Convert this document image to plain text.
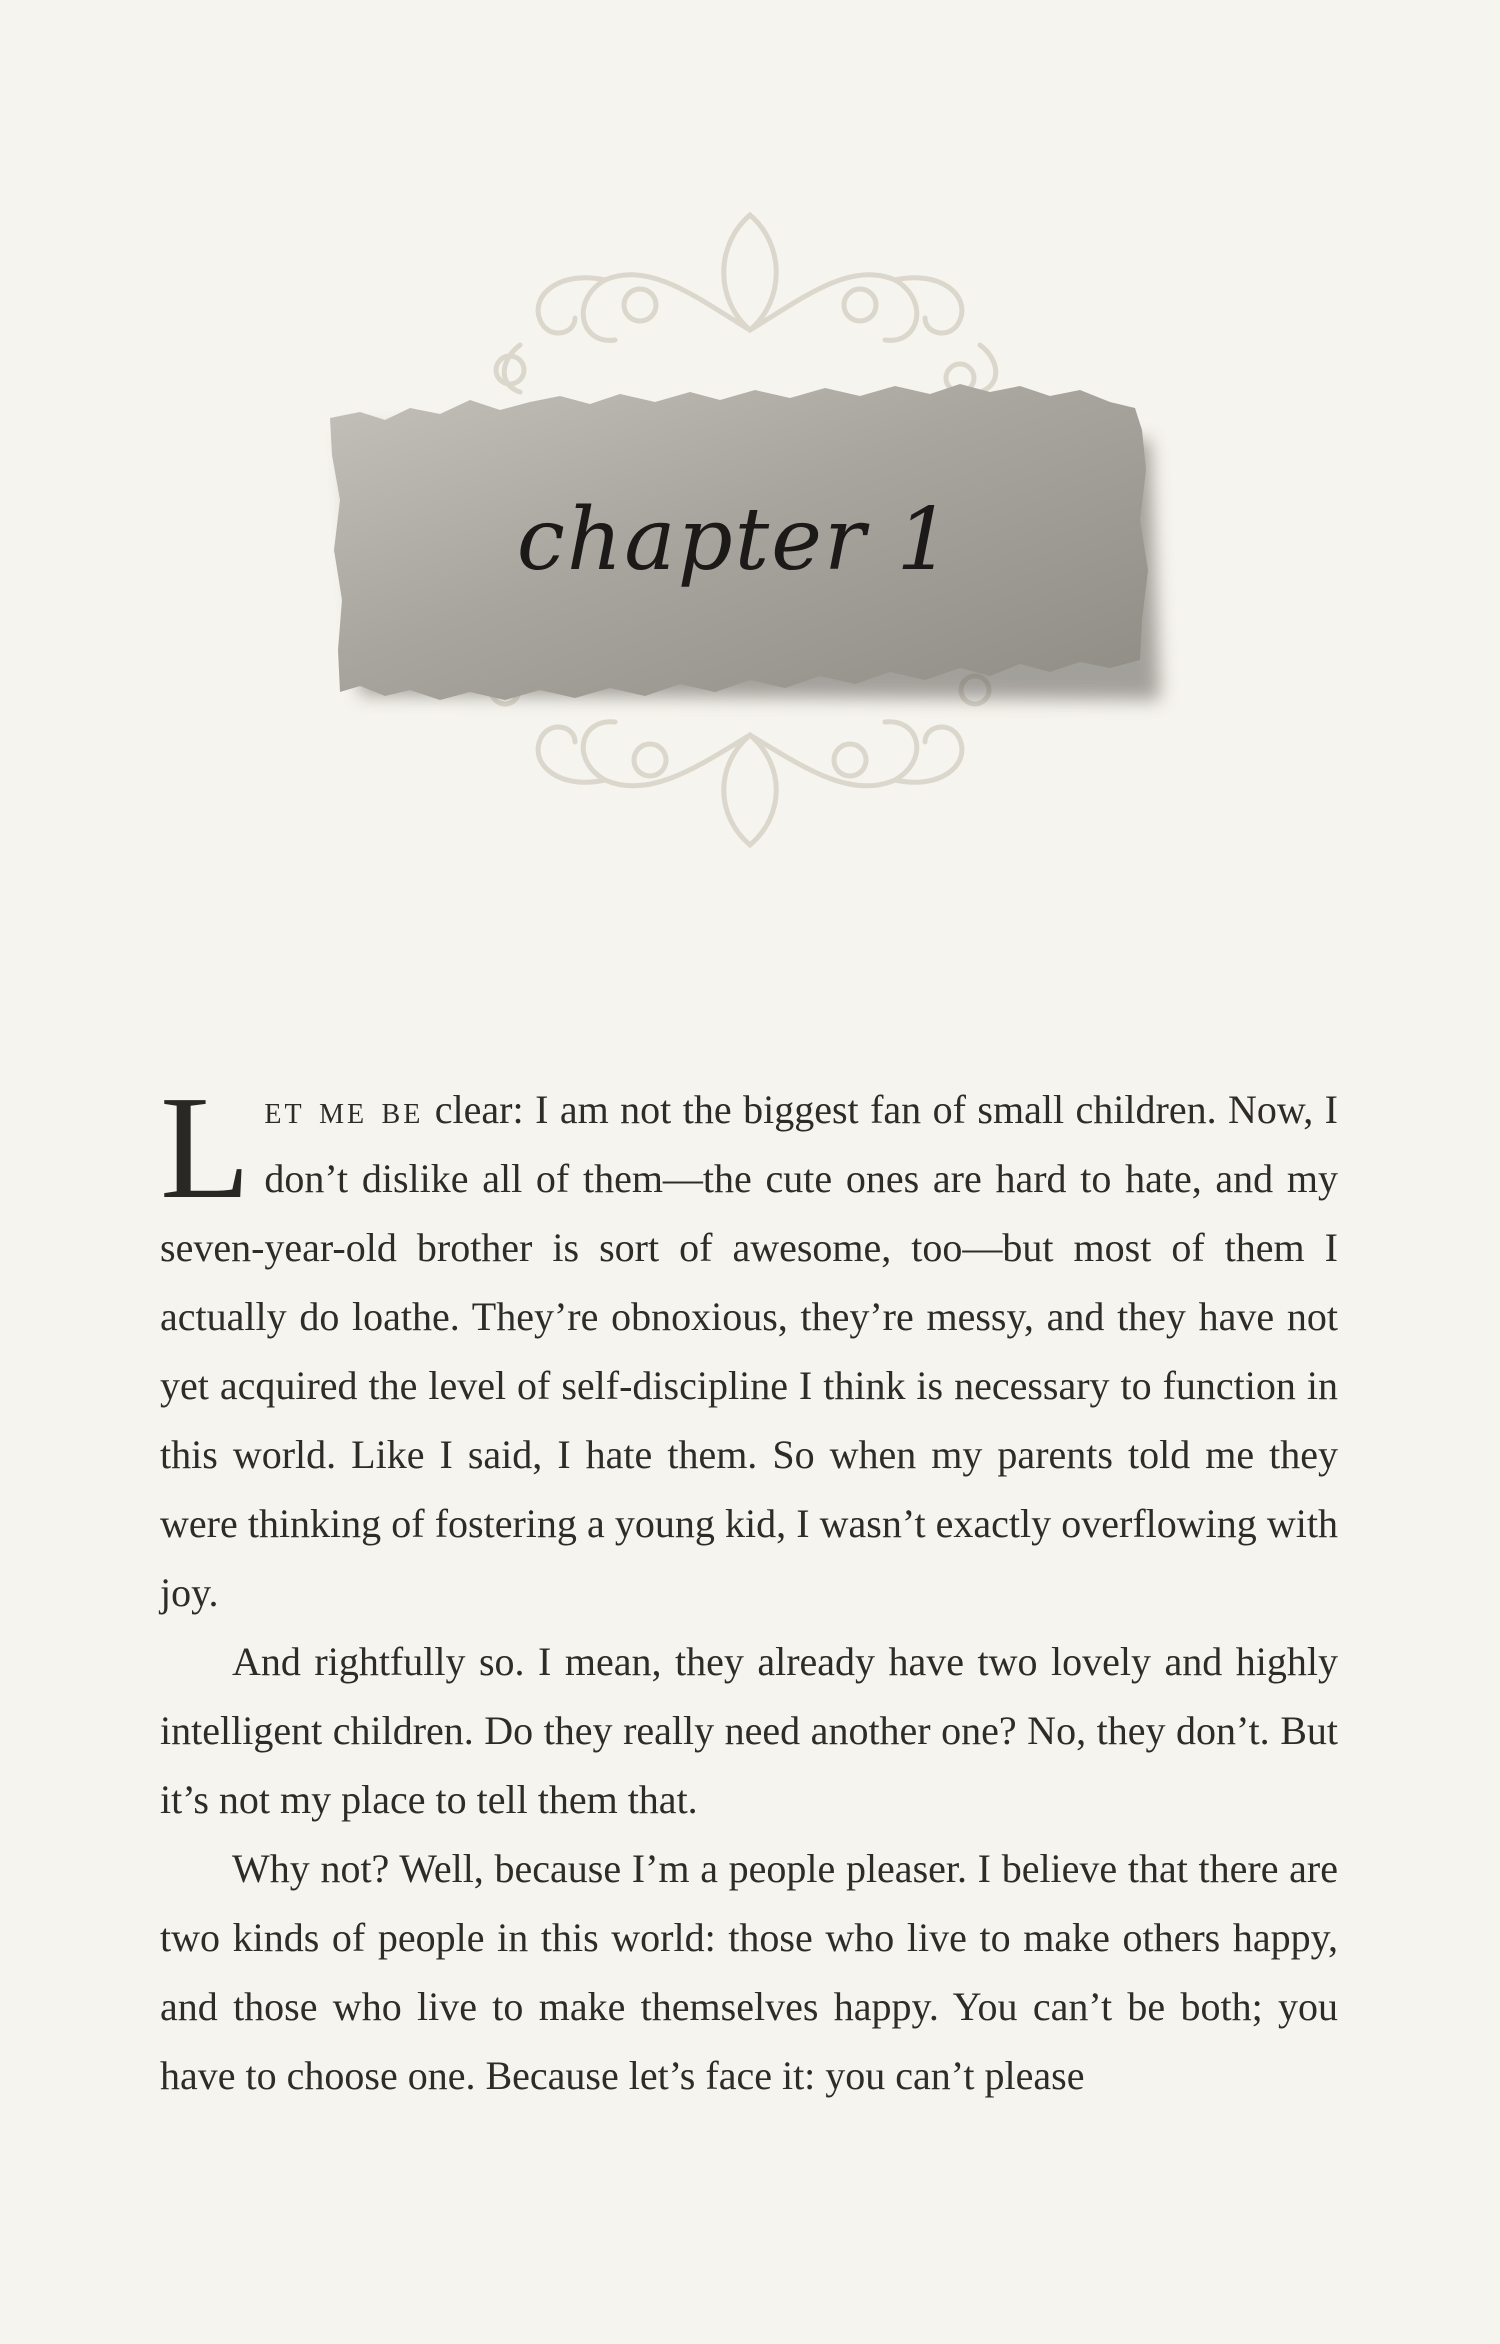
chapter 1

Let me be clear: I am not the biggest fan of small children. Now, I don’t dislike all of them—the cute ones are hard to hate, and my seven-year-old brother is sort of awesome, too—but most of them I actually do loathe. They’re obnoxious, they’re messy, and they have not yet acquired the level of self-discipline I think is necessary to function in this world. Like I said, I hate them. So when my parents told me they were thinking of fostering a young kid, I wasn’t exactly overflowing with joy.

And rightfully so. I mean, they already have two lovely and highly intelligent children. Do they really need another one? No, they don’t. But it’s not my place to tell them that.

Why not? Well, because I’m a people pleaser. I believe that there are two kinds of people in this world: those who live to make others happy, and those who live to make themselves happy. You can’t be both; you have to choose one. Because let’s face it: you can’t please
